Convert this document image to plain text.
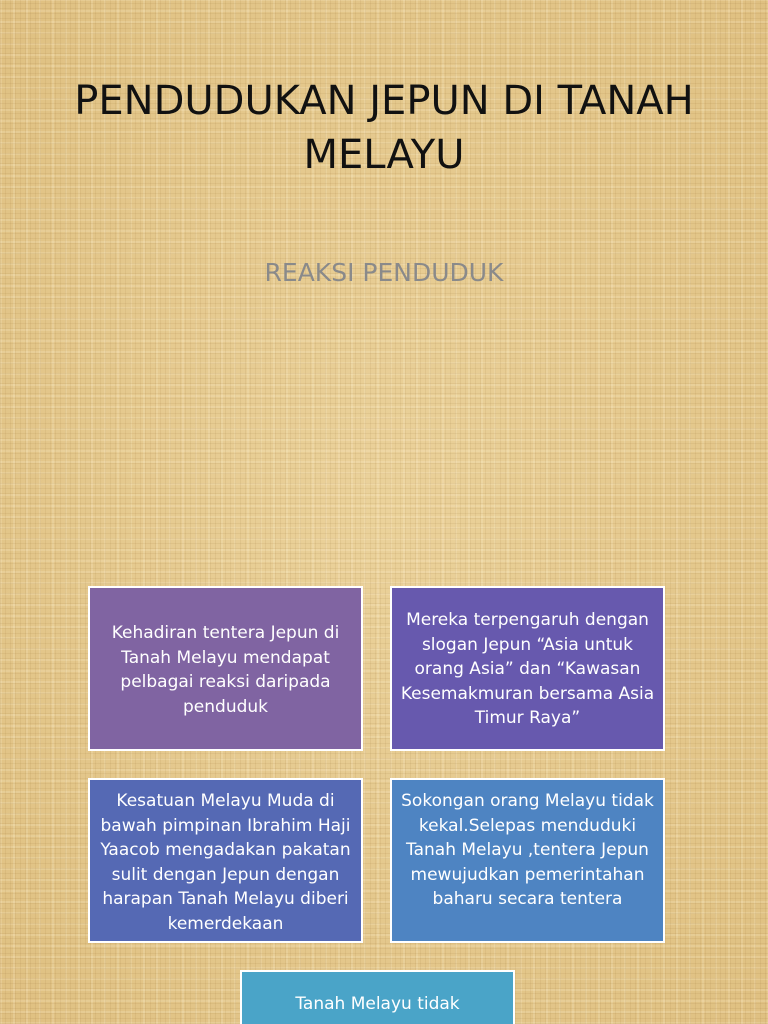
PENDUDUKAN JEPUN DI TANAH MELAYU
REAKSI PENDUDUK
Kehadiran tentera Jepun di Tanah Melayu mendapat pelbagai reaksi daripada penduduk
Mereka terpengaruh dengan slogan Jepun “Asia untuk orang Asia” dan “Kawasan Kesemakmuran bersama Asia Timur Raya”
Kesatuan Melayu Muda di bawah pimpinan Ibrahim Haji Yaacob mengadakan pakatan sulit dengan Jepun dengan harapan Tanah Melayu diberi kemerdekaan
Sokongan orang Melayu tidak kekal.Selepas menduduki Tanah Melayu ,tentera Jepun mewujudkan pemerintahan baharu secara tentera
Tanah Melayu tidak
